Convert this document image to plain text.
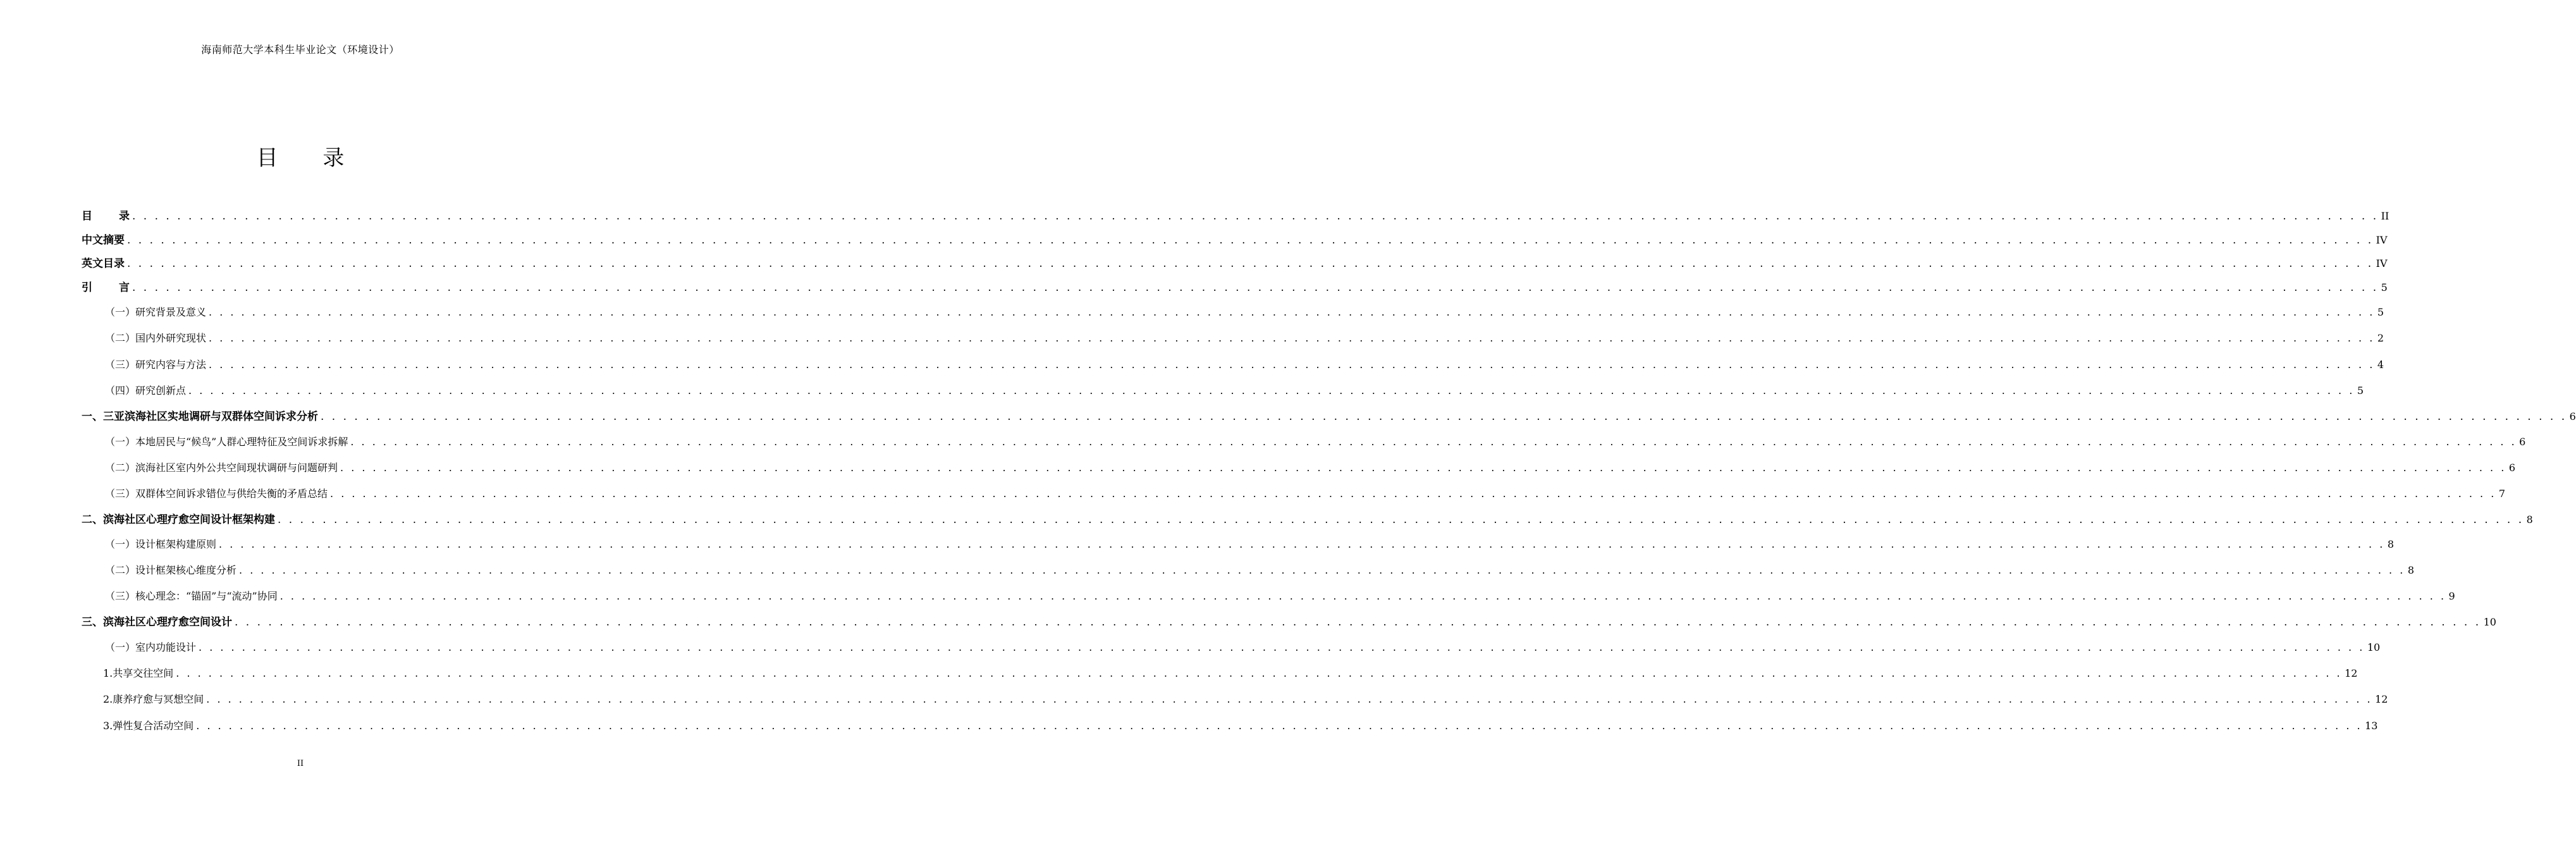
海南师范大学本科生毕业论文（环境设计）
目 录
目 录 . . . . . . . . . . . . . . . . . . . . . . . . . . . . . . . . . . . . . . . . . . . . . . . . . . . . . . . . . . . . . . . . . . . . . . . . . . . . . . . . . . . . . . . . . . . . . . . . . . . . . . . . . . . . . . . . . . . . . . . . . . . . . . . . . . . . . . . . . . . . . . . . . . . . . . . . . . . . . . . . . . . . . . . . . . . . . . . . . . . . . . . . . . . . . . . . . . . . . . . . II
中文摘要 . . . . . . . . . . . . . . . . . . . . . . . . . . . . . . . . . . . . . . . . . . . . . . . . . . . . . . . . . . . . . . . . . . . . . . . . . . . . . . . . . . . . . . . . . . . . . . . . . . . . . . . . . . . . . . . . . . . . . . . . . . . . . . . . . . . . . . . . . . . . . . . . . . . . . . . . . . . . . . . . . . . . . . . . . . . . . . . . . . . . . . . . . . . . . . . . . . . . . . . . IV
英文目录 . . . . . . . . . . . . . . . . . . . . . . . . . . . . . . . . . . . . . . . . . . . . . . . . . . . . . . . . . . . . . . . . . . . . . . . . . . . . . . . . . . . . . . . . . . . . . . . . . . . . . . . . . . . . . . . . . . . . . . . . . . . . . . . . . . . . . . . . . . . . . . . . . . . . . . . . . . . . . . . . . . . . . . . . . . . . . . . . . . . . . . . . . . . . . . . . . . . . . . . . IV
引 言 . . . . . . . . . . . . . . . . . . . . . . . . . . . . . . . . . . . . . . . . . . . . . . . . . . . . . . . . . . . . . . . . . . . . . . . . . . . . . . . . . . . . . . . . . . . . . . . . . . . . . . . . . . . . . . . . . . . . . . . . . . . . . . . . . . . . . . . . . . . . . . . . . . . . . . . . . . . . . . . . . . . . . . . . . . . . . . . . . . . . . . . . . . . . . . . . . . . . . . . . 5
（一）研究背景及意义 . . . . . . . . . . . . . . . . . . . . . . . . . . . . . . . . . . . . . . . . . . . . . . . . . . . . . . . . . . . . . . . . . . . . . . . . . . . . . . . . . . . . . . . . . . . . . . . . . . . . . . . . . . . . . . . . . . . . . . . . . . . . . . . . . . . . . . . . . . . . . . . . . . . . . . . . . . . . . . . . . . . . . . . . . . . . . . . . . . . . . . . . . . . . . . . . . . . . . . . . 5
（二）国内外研究现状 . . . . . . . . . . . . . . . . . . . . . . . . . . . . . . . . . . . . . . . . . . . . . . . . . . . . . . . . . . . . . . . . . . . . . . . . . . . . . . . . . . . . . . . . . . . . . . . . . . . . . . . . . . . . . . . . . . . . . . . . . . . . . . . . . . . . . . . . . . . . . . . . . . . . . . . . . . . . . . . . . . . . . . . . . . . . . . . . . . . . . . . . . . . . . . . . . . . . . . . . 2
（三）研究内容与方法 . . . . . . . . . . . . . . . . . . . . . . . . . . . . . . . . . . . . . . . . . . . . . . . . . . . . . . . . . . . . . . . . . . . . . . . . . . . . . . . . . . . . . . . . . . . . . . . . . . . . . . . . . . . . . . . . . . . . . . . . . . . . . . . . . . . . . . . . . . . . . . . . . . . . . . . . . . . . . . . . . . . . . . . . . . . . . . . . . . . . . . . . . . . . . . . . . . . . . . . . 4
（四）研究创新点 . . . . . . . . . . . . . . . . . . . . . . . . . . . . . . . . . . . . . . . . . . . . . . . . . . . . . . . . . . . . . . . . . . . . . . . . . . . . . . . . . . . . . . . . . . . . . . . . . . . . . . . . . . . . . . . . . . . . . . . . . . . . . . . . . . . . . . . . . . . . . . . . . . . . . . . . . . . . . . . . . . . . . . . . . . . . . . . . . . . . . . . . . . . . . . . . . . . . . . . . 5
一、三亚滨海社区实地调研与双群体空间诉求分析 . . . . . . . . . . . . . . . . . . . . . . . . . . . . . . . . . . . . . . . . . . . . . . . . . . . . . . . . . . . . . . . . . . . . . . . . . . . . . . . . . . . . . . . . . . . . . . . . . . . . . . . . . . . . . . . . . . . . . . . . . . . . . . . . . . . . . . . . . . . . . . . . . . . . . . . . . . . . . . . . . . . . . . . . . . . . . . . . . . . . . . . . . . . . . . . . . . . . . . . . 6
（一）本地居民与“候鸟”人群心理特征及空间诉求拆解 . . . . . . . . . . . . . . . . . . . . . . . . . . . . . . . . . . . . . . . . . . . . . . . . . . . . . . . . . . . . . . . . . . . . . . . . . . . . . . . . . . . . . . . . . . . . . . . . . . . . . . . . . . . . . . . . . . . . . . . . . . . . . . . . . . . . . . . . . . . . . . . . . . . . . . . . . . . . . . . . . . . . . . . . . . . . . . . . . . . . . . . . . . . . . . . . . . . . . . . . 6
（二）滨海社区室内外公共空间现状调研与问题研判 . . . . . . . . . . . . . . . . . . . . . . . . . . . . . . . . . . . . . . . . . . . . . . . . . . . . . . . . . . . . . . . . . . . . . . . . . . . . . . . . . . . . . . . . . . . . . . . . . . . . . . . . . . . . . . . . . . . . . . . . . . . . . . . . . . . . . . . . . . . . . . . . . . . . . . . . . . . . . . . . . . . . . . . . . . . . . . . . . . . . . . . . . . . . . . . . . . . . . . . . 6
（三）双群体空间诉求错位与供给失衡的矛盾总结 . . . . . . . . . . . . . . . . . . . . . . . . . . . . . . . . . . . . . . . . . . . . . . . . . . . . . . . . . . . . . . . . . . . . . . . . . . . . . . . . . . . . . . . . . . . . . . . . . . . . . . . . . . . . . . . . . . . . . . . . . . . . . . . . . . . . . . . . . . . . . . . . . . . . . . . . . . . . . . . . . . . . . . . . . . . . . . . . . . . . . . . . . . . . . . . . . . . . . . . . 7
二、滨海社区心理疗愈空间设计框架构建 . . . . . . . . . . . . . . . . . . . . . . . . . . . . . . . . . . . . . . . . . . . . . . . . . . . . . . . . . . . . . . . . . . . . . . . . . . . . . . . . . . . . . . . . . . . . . . . . . . . . . . . . . . . . . . . . . . . . . . . . . . . . . . . . . . . . . . . . . . . . . . . . . . . . . . . . . . . . . . . . . . . . . . . . . . . . . . . . . . . . . . . . . . . . . . . . . . . . . . . . 8
（一）设计框架构建原则 . . . . . . . . . . . . . . . . . . . . . . . . . . . . . . . . . . . . . . . . . . . . . . . . . . . . . . . . . . . . . . . . . . . . . . . . . . . . . . . . . . . . . . . . . . . . . . . . . . . . . . . . . . . . . . . . . . . . . . . . . . . . . . . . . . . . . . . . . . . . . . . . . . . . . . . . . . . . . . . . . . . . . . . . . . . . . . . . . . . . . . . . . . . . . . . . . . . . . . . . 8
（二）设计框架核心维度分析 . . . . . . . . . . . . . . . . . . . . . . . . . . . . . . . . . . . . . . . . . . . . . . . . . . . . . . . . . . . . . . . . . . . . . . . . . . . . . . . . . . . . . . . . . . . . . . . . . . . . . . . . . . . . . . . . . . . . . . . . . . . . . . . . . . . . . . . . . . . . . . . . . . . . . . . . . . . . . . . . . . . . . . . . . . . . . . . . . . . . . . . . . . . . . . . . . . . . . . . . 8
（三）核心理念：“锚固”与“流动”协同 . . . . . . . . . . . . . . . . . . . . . . . . . . . . . . . . . . . . . . . . . . . . . . . . . . . . . . . . . . . . . . . . . . . . . . . . . . . . . . . . . . . . . . . . . . . . . . . . . . . . . . . . . . . . . . . . . . . . . . . . . . . . . . . . . . . . . . . . . . . . . . . . . . . . . . . . . . . . . . . . . . . . . . . . . . . . . . . . . . . . . . . . . . . . . . . . . . . . . . . . 9
三、滨海社区心理疗愈空间设计 . . . . . . . . . . . . . . . . . . . . . . . . . . . . . . . . . . . . . . . . . . . . . . . . . . . . . . . . . . . . . . . . . . . . . . . . . . . . . . . . . . . . . . . . . . . . . . . . . . . . . . . . . . . . . . . . . . . . . . . . . . . . . . . . . . . . . . . . . . . . . . . . . . . . . . . . . . . . . . . . . . . . . . . . . . . . . . . . . . . . . . . . . . . . . . . . . . . . . . . . 10
（一）室内功能设计 . . . . . . . . . . . . . . . . . . . . . . . . . . . . . . . . . . . . . . . . . . . . . . . . . . . . . . . . . . . . . . . . . . . . . . . . . . . . . . . . . . . . . . . . . . . . . . . . . . . . . . . . . . . . . . . . . . . . . . . . . . . . . . . . . . . . . . . . . . . . . . . . . . . . . . . . . . . . . . . . . . . . . . . . . . . . . . . . . . . . . . . . . . . . . . . . . . . . . . . . 10
1.共享交往空间 . . . . . . . . . . . . . . . . . . . . . . . . . . . . . . . . . . . . . . . . . . . . . . . . . . . . . . . . . . . . . . . . . . . . . . . . . . . . . . . . . . . . . . . . . . . . . . . . . . . . . . . . . . . . . . . . . . . . . . . . . . . . . . . . . . . . . . . . . . . . . . . . . . . . . . . . . . . . . . . . . . . . . . . . . . . . . . . . . . . . . . . . . . . . . . . . . . . . . . . . 12
2.康养疗愈与冥想空间 . . . . . . . . . . . . . . . . . . . . . . . . . . . . . . . . . . . . . . . . . . . . . . . . . . . . . . . . . . . . . . . . . . . . . . . . . . . . . . . . . . . . . . . . . . . . . . . . . . . . . . . . . . . . . . . . . . . . . . . . . . . . . . . . . . . . . . . . . . . . . . . . . . . . . . . . . . . . . . . . . . . . . . . . . . . . . . . . . . . . . . . . . . . . . . . . . . . . . . . . 12
3.弹性复合活动空间 . . . . . . . . . . . . . . . . . . . . . . . . . . . . . . . . . . . . . . . . . . . . . . . . . . . . . . . . . . . . . . . . . . . . . . . . . . . . . . . . . . . . . . . . . . . . . . . . . . . . . . . . . . . . . . . . . . . . . . . . . . . . . . . . . . . . . . . . . . . . . . . . . . . . . . . . . . . . . . . . . . . . . . . . . . . . . . . . . . . . . . . . . . . . . . . . . . . . . . . . 13
II
